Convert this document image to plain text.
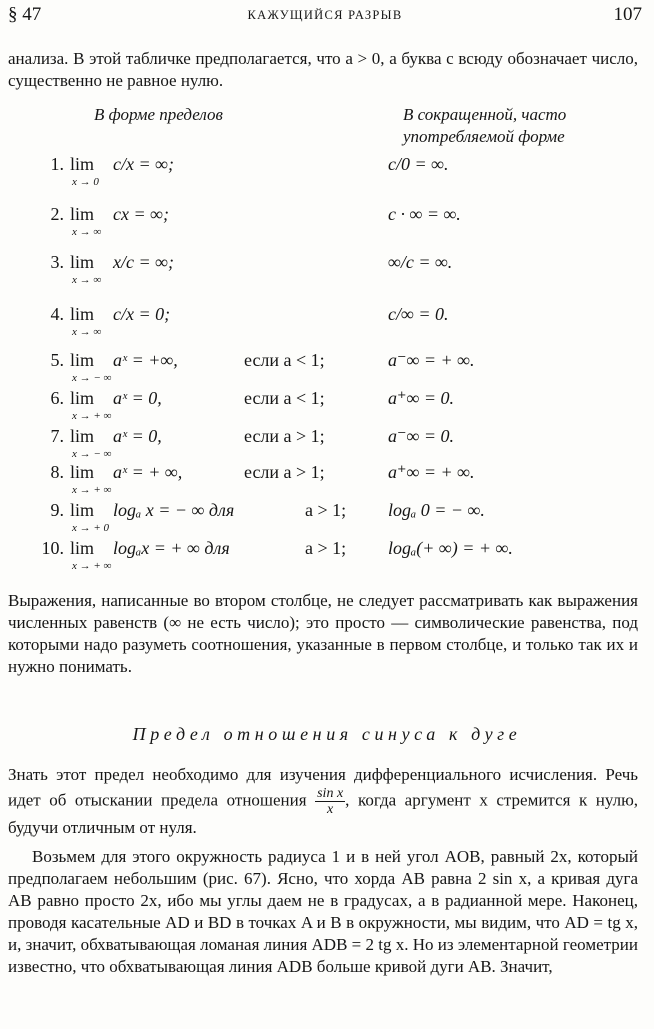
§ 47	КАЖУЩИЙСЯ РАЗРЫВ	107

анализа. В этой табличке предполагается, что a > 0, а буква c всюду обозначает число, существенно не равное нулю.

В форме пределов	В сокращенной, часто
употребляемой форме
1. lim c/x = ∞;	c/0 = ∞.
x → 0
2. lim cx = ∞;	c · ∞ = ∞.
x → ∞
3. lim x/c = ∞;	∞/c = ∞.
x → ∞
4. lim c/x = 0;	c/∞ = 0.
x → ∞
5. lim aˣ = +∞,	если a < 1;	a⁻∞ = + ∞.
x → − ∞
6. lim aˣ = 0,	если a < 1;	a⁺∞ = 0.
x → + ∞
7. lim aˣ = 0,	если a > 1;	a⁻∞ = 0.
x → − ∞
8. lim aˣ = + ∞,	если a > 1;	a⁺∞ = + ∞.
x → + ∞
9. lim logₐ x = − ∞ для	a > 1; logₐ 0 = − ∞.
x → + 0
10. lim logₐx = + ∞ для	a > 1; logₐ(+ ∞) = + ∞.
x → + ∞

Выражения, написанные во втором столбце, не следует рассматривать как выражения численных равенств (∞ не есть число); это просто — символические равенства, под которыми надо разуметь соотношения, указанные в первом столбце, и только так их и нужно понимать.

Предел отношения синуса к дуге

Знать этот предел необходимо для изучения дифференциального исчисления. Речь идет об отыскании предела отношения $\frac{\text{sin x}}{x}$ , когда аргумент x стремится к нулю, будучи отличным от нуля.

Возьмем для этого окружность радиуса 1 и в ней угол AOB, равный 2x, который предполагаем небольшим (рис. 67). Ясно, что хорда AB равна 2 sin x, а кривая дуга AB равно просто 2x, ибо мы углы даем не в градусах, а в радианной мере. Наконец, проводя касательные AD и BD в точках A и B в окружности, мы видим, что AD = tg x, и, значит, обхватывающая ломаная линия ADB = 2 tg x. Но из элементарной геометрии известно, что обхватывающая линия ADB больше кривой дуги AB. Значит,
